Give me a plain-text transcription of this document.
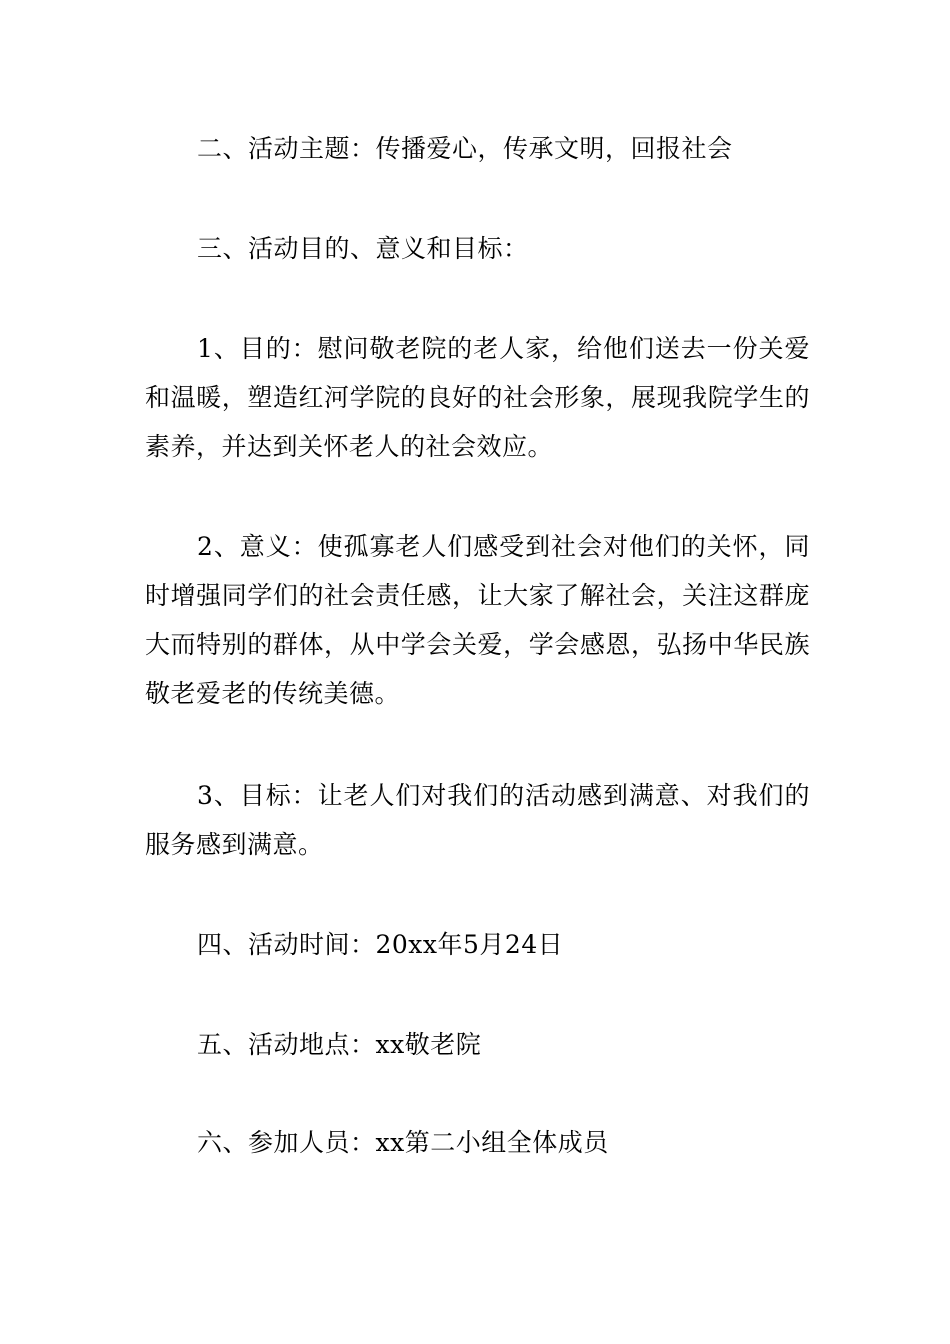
二、活动主题：传播爱心，传承文明，回报社会

三、活动目的、意义和目标：

1、目的：慰问敬老院的老人家，给他们送去一份关爱和温暖，塑造红河学院的良好的社会形象，展现我院学生的素养，并达到关怀老人的社会效应。

2、意义：使孤寡老人们感受到社会对他们的关怀，同时增强同学们的社会责任感，让大家了解社会，关注这群庞大而特别的群体，从中学会关爱，学会感恩，弘扬中华民族敬老爱老的传统美德。

3、目标：让老人们对我们的活动感到满意、对我们的服务感到满意。

四、活动时间：20xx年5月24日

五、活动地点：xx敬老院

六、参加人员：xx第二小组全体成员
